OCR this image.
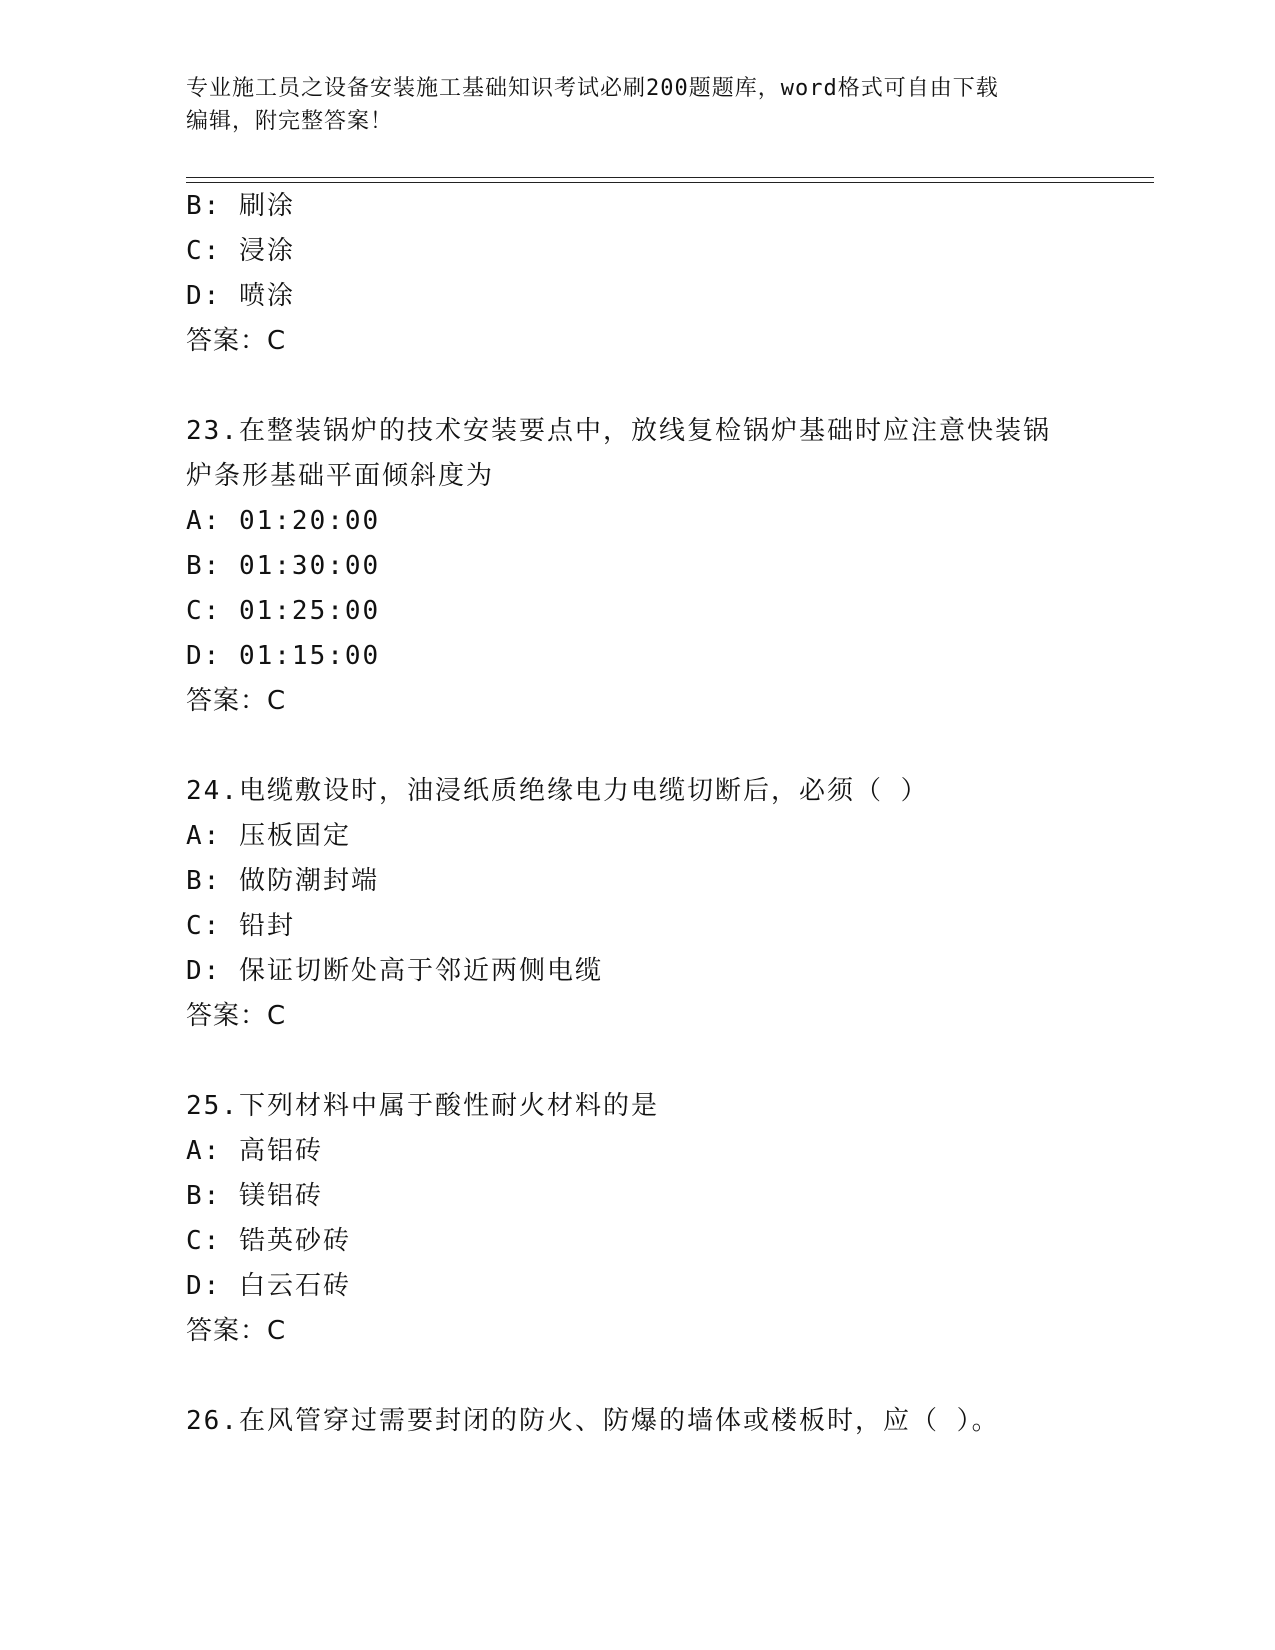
专业施工员之设备安装施工基础知识考试必刷200题题库，word格式可自由下载
编辑，附完整答案！
B: 刷涂
C: 浸涂
D: 喷涂
答案：C
23.在整装锅炉的技术安装要点中，放线复检锅炉基础时应注意快装锅
炉条形基础平面倾斜度为
A: 01:20:00
B: 01:30:00
C: 01:25:00
D: 01:15:00
答案：C
24.电缆敷设时，油浸纸质绝缘电力电缆切断后，必须（ ）
A: 压板固定
B: 做防潮封端
C: 铅封
D: 保证切断处高于邻近两侧电缆
答案：C
25.下列材料中属于酸性耐火材料的是
A: 高铝砖
B: 镁铝砖
C: 锆英砂砖
D: 白云石砖
答案：C
26.在风管穿过需要封闭的防火、防爆的墙体或楼板时，应（ ）。
